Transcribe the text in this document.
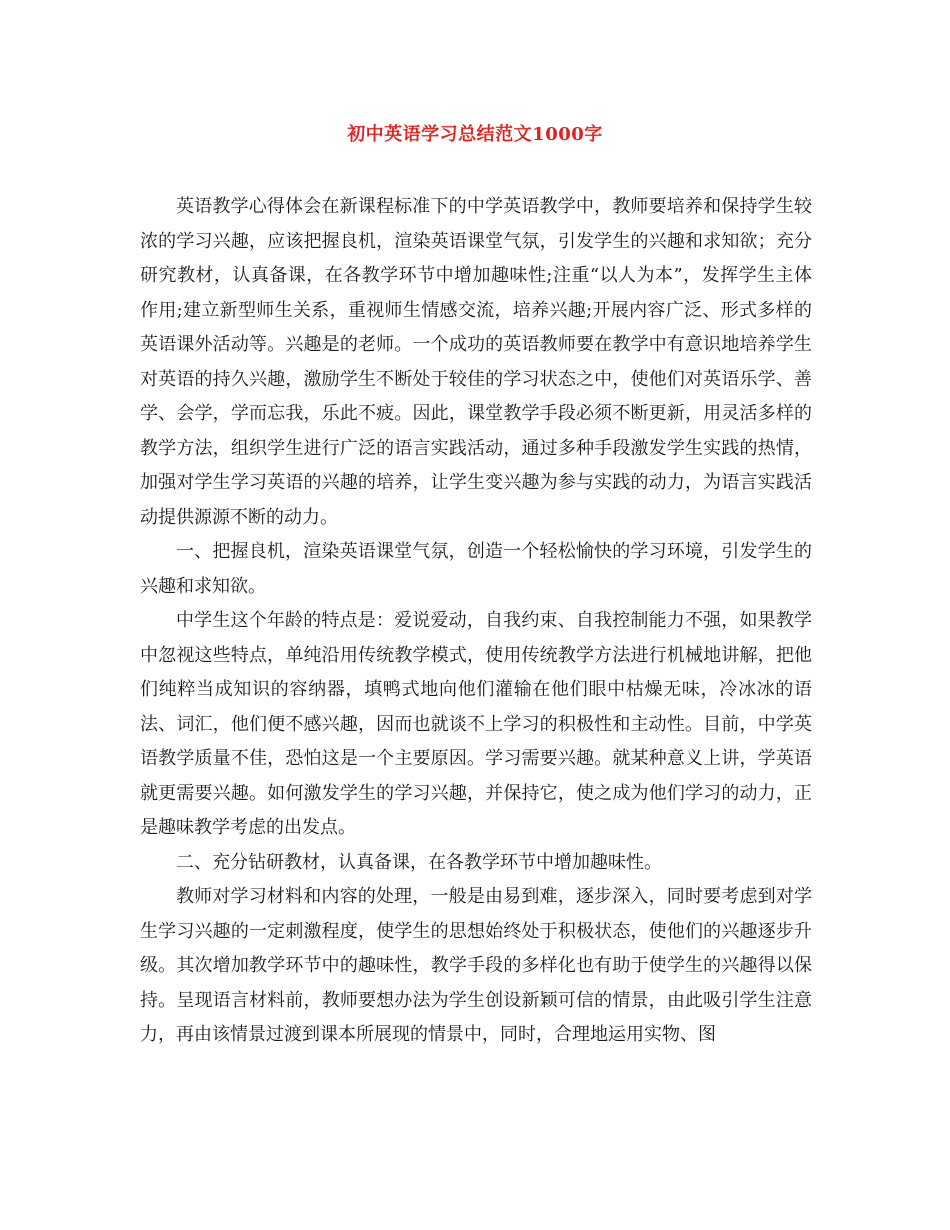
初中英语学习总结范文1000字

英语教学心得体会在新课程标准下的中学英语教学中，教师要培养和保持学生较浓的学习兴趣，应该把握良机，渲染英语课堂气氛，引发学生的兴趣和求知欲；充分研究教材，认真备课，在各教学环节中增加趣味性;注重“以人为本”，发挥学生主体作用;建立新型师生关系，重视师生情感交流，培养兴趣;开展内容广泛、形式多样的英语课外活动等。兴趣是的老师。一个成功的英语教师要在教学中有意识地培养学生对英语的持久兴趣，激励学生不断处于较佳的学习状态之中，使他们对英语乐学、善学、会学，学而忘我，乐此不疲。因此，课堂教学手段必须不断更新，用灵活多样的教学方法，组织学生进行广泛的语言实践活动，通过多种手段激发学生实践的热情，加强对学生学习英语的兴趣的培养，让学生变兴趣为参与实践的动力，为语言实践活动提供源源不断的动力。

一、把握良机，渲染英语课堂气氛，创造一个轻松愉快的学习环境，引发学生的兴趣和求知欲。

中学生这个年龄的特点是：爱说爱动，自我约束、自我控制能力不强，如果教学中忽视这些特点，单纯沿用传统教学模式，使用传统教学方法进行机械地讲解，把他们纯粹当成知识的容纳器，填鸭式地向他们灌输在他们眼中枯燥无味，冷冰冰的语法、词汇，他们便不感兴趣，因而也就谈不上学习的积极性和主动性。目前，中学英语教学质量不佳，恐怕这是一个主要原因。学习需要兴趣。就某种意义上讲，学英语就更需要兴趣。如何激发学生的学习兴趣，并保持它，使之成为他们学习的动力，正是趣味教学考虑的出发点。

二、充分钻研教材，认真备课，在各教学环节中增加趣味性。

教师对学习材料和内容的处理，一般是由易到难，逐步深入，同时要考虑到对学生学习兴趣的一定刺激程度，使学生的思想始终处于积极状态，使他们的兴趣逐步升级。其次增加教学环节中的趣味性，教学手段的多样化也有助于使学生的兴趣得以保持。呈现语言材料前，教师要想办法为学生创设新颖可信的情景，由此吸引学生注意力，再由该情景过渡到课本所展现的情景中，同时，合理地运用实物、图
